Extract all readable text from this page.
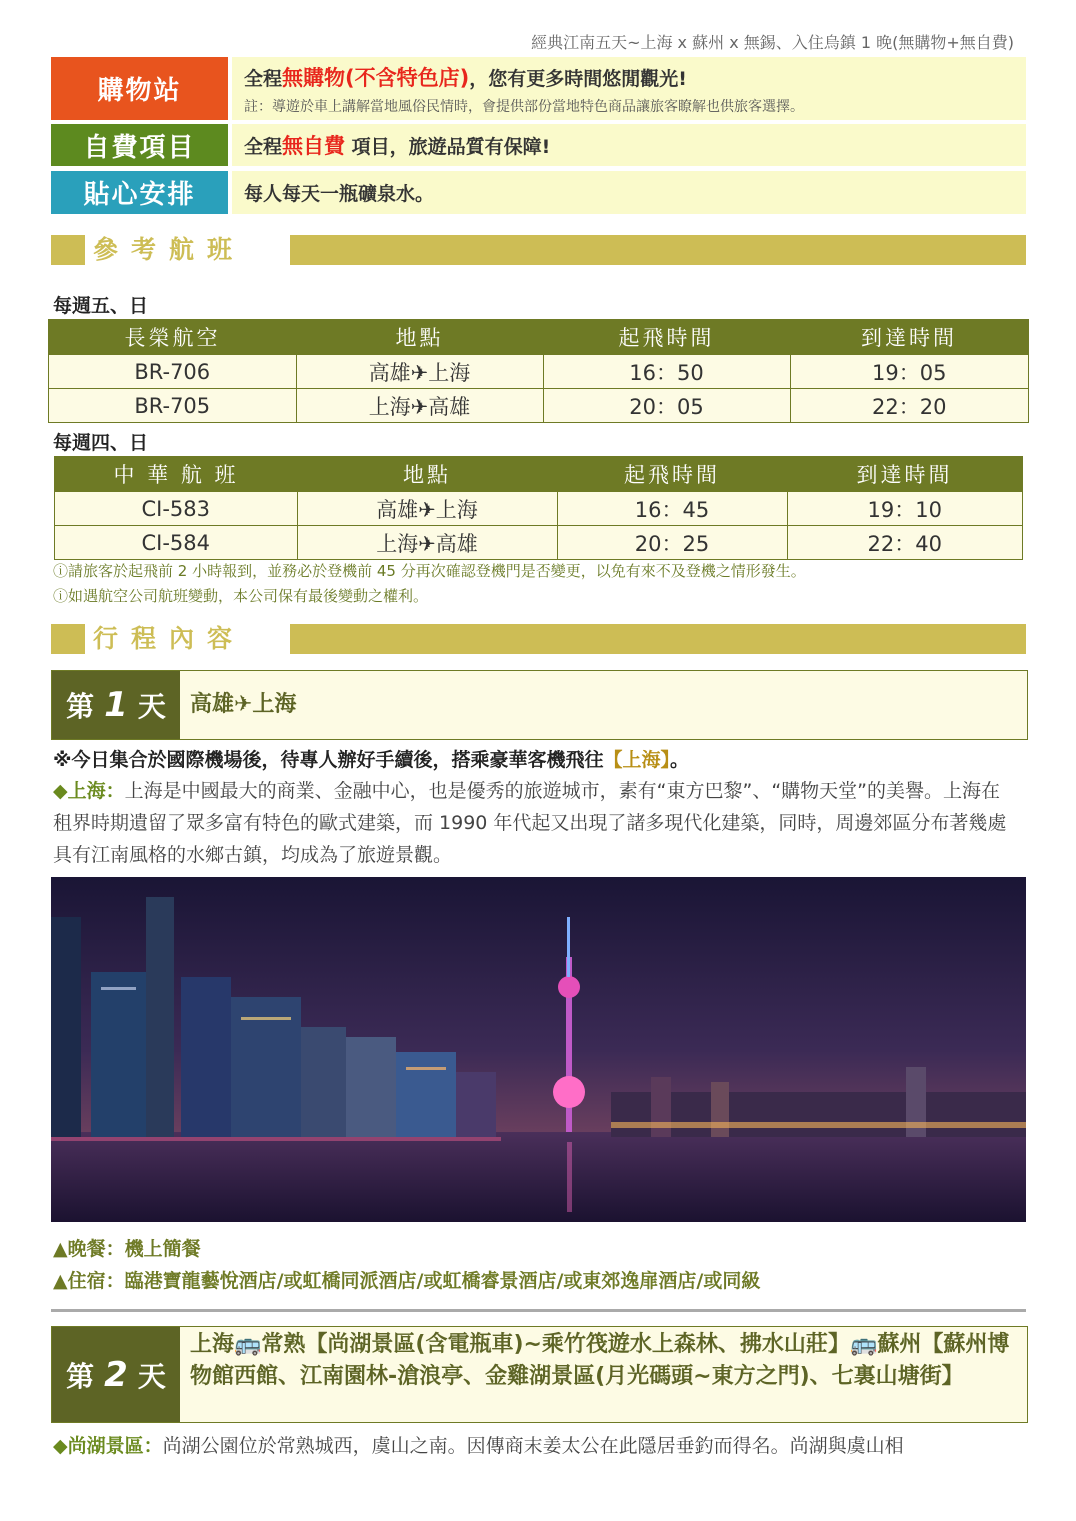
經典江南五天~上海 x 蘇州 x 無錫、入住烏鎮 1 晚(無購物+無自費)
購物站	全程無購物(不含特色店)，您有更多時間悠閒觀光!
註：導遊於車上講解當地風俗民情時，會提供部份當地特色商品讓旅客瞭解也供旅客選擇。
自費項目	全程無自費 項目，旅遊品質有保障!
貼心安排	每人每天一瓶礦泉水。
參考航班
每週五、日
長榮航空	地點	起飛時間	到達時間
BR-706	高雄✈上海	16：50	19：05
BR-705	上海✈高雄	20：05	22：20
每週四、日
中 華 航 班	地點	起飛時間	到達時間
CI-583	高雄✈上海	16：45	19：10
CI-584	上海✈高雄	20：25	22：40
ⓘ請旅客於起飛前 2 小時報到，並務必於登機前 45 分再次確認登機門是否變更，以免有來不及登機之情形發生。
ⓘ如遇航空公司航班變動，本公司保有最後變動之權利。
行程內容
第 1 天	高雄✈上海
※今日集合於國際機場後，待專人辦好手續後，搭乘豪華客機飛往【上海】。
◆上海：上海是中國最大的商業、金融中心，也是優秀的旅遊城市，素有“東方巴黎”、“購物天堂”的美譽。上海在租界時期遺留了眾多富有特色的歐式建築，而 1990 年代起又出現了諸多現代化建築，同時，周邊郊區分布著幾處具有江南風格的水鄉古鎮，均成為了旅遊景觀。
▲晚餐：機上簡餐
▲住宿：臨港寶龍藝悅酒店/或虹橋同派酒店/或虹橋睿景酒店/或東郊逸扉酒店/或同級
第 2 天
上海🚌常熟【尚湖景區(含電瓶車)~乘竹筏遊水上森林、拂水山莊】🚌蘇州【蘇州博物館西館、江南園林-滄浪亭、金雞湖景區(月光碼頭~東方之門)、七裏山塘街】
◆尚湖景區：尚湖公園位於常熟城西，虞山之南。因傳商末姜太公在此隱居垂釣而得名。尚湖與虞山相
